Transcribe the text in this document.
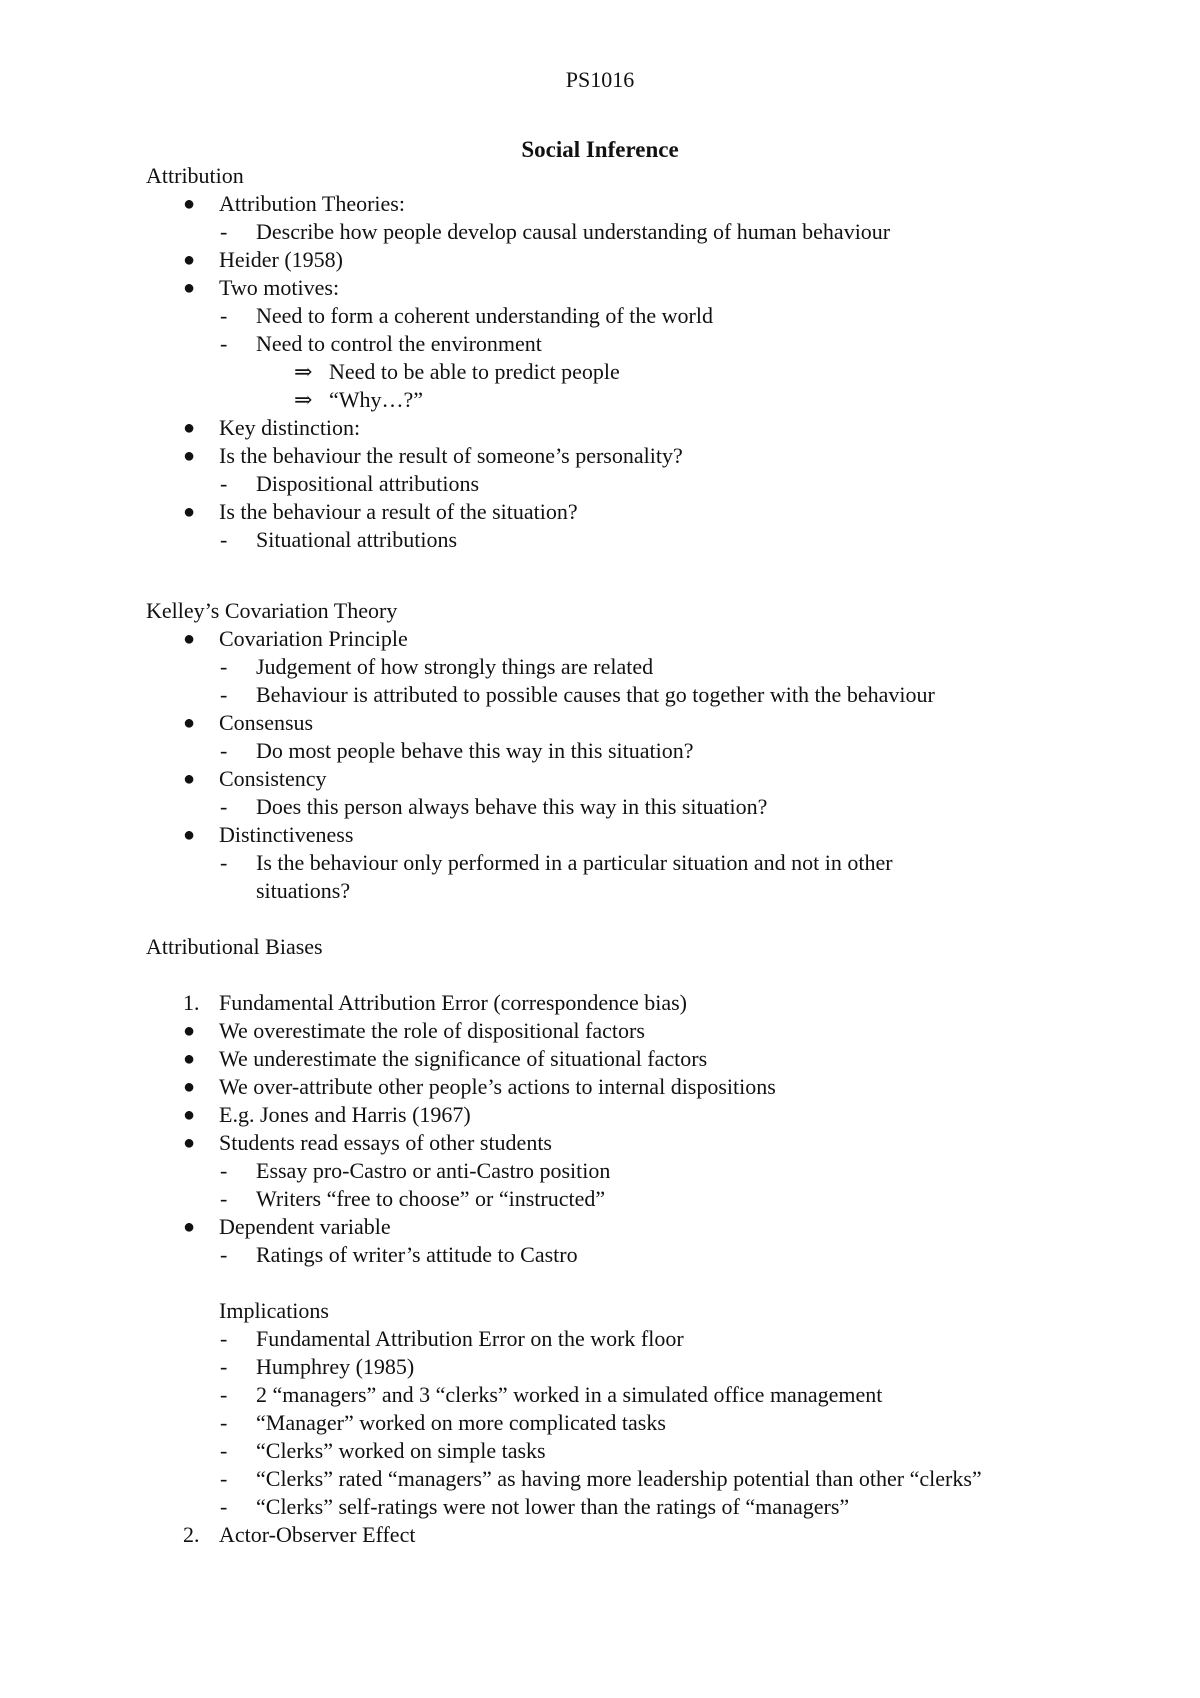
PS1016
Social Inference
Attribution
● Attribution Theories:
- Describe how people develop causal understanding of human behaviour
● Heider (1958)
● Two motives:
- Need to form a coherent understanding of the world
- Need to control the environment
⇒ Need to be able to predict people
⇒ “Why…?”
● Key distinction:
● Is the behaviour the result of someone’s personality?
- Dispositional attributions
● Is the behaviour a result of the situation?
- Situational attributions
Kelley’s Covariation Theory
● Covariation Principle
- Judgement of how strongly things are related
- Behaviour is attributed to possible causes that go together with the behaviour
● Consensus
- Do most people behave this way in this situation?
● Consistency
- Does this person always behave this way in this situation?
● Distinctiveness
- Is the behaviour only performed in a particular situation and not in other
situations?
Attributional Biases
1. Fundamental Attribution Error (correspondence bias)
● We overestimate the role of dispositional factors
● We underestimate the significance of situational factors
● We over-attribute other people’s actions to internal dispositions
● E.g. Jones and Harris (1967)
● Students read essays of other students
- Essay pro-Castro or anti-Castro position
- Writers “free to choose” or “instructed”
● Dependent variable
- Ratings of writer’s attitude to Castro
Implications
- Fundamental Attribution Error on the work floor
- Humphrey (1985)
- 2 “managers” and 3 “clerks” worked in a simulated office management
- “Manager” worked on more complicated tasks
- “Clerks” worked on simple tasks
- “Clerks” rated “managers” as having more leadership potential than other “clerks”
- “Clerks” self-ratings were not lower than the ratings of “managers”
2. Actor-Observer Effect
